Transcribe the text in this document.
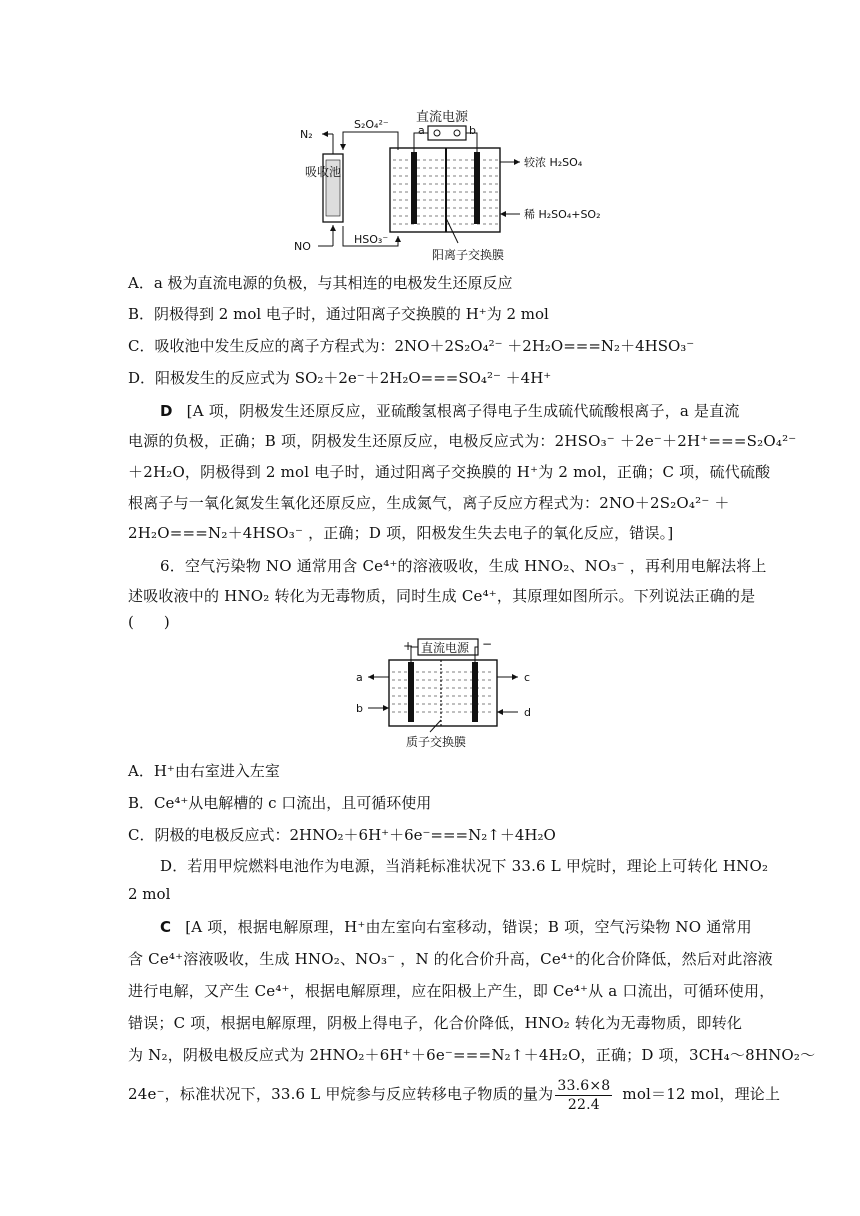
直流电源
a	b
较浓 H₂SO₄
稀 H₂SO₄+SO₂
阳离子交换膜
吸收池
N₂
NO
S₂O₄²⁻
HSO₃⁻
A．a 极为直流电源的负极，与其相连的电极发生还原反应
B．阴极得到 2 mol 电子时，通过阳离子交换膜的 H⁺为 2 mol
C．吸收池中发生反应的离子方程式为：2NO＋2S₂O₄²⁻ ＋2H₂O===N₂＋4HSO₃⁻
D．阳极发生的反应式为 SO₂＋2e⁻＋2H₂O===SO₄²⁻ ＋4H⁺
D [A 项，阴极发生还原反应，亚硫酸氢根离子得电子生成硫代硫酸根离子，a 是直流
电源的负极，正确；B 项，阴极发生还原反应，电极反应式为：2HSO₃⁻ ＋2e⁻＋2H⁺===S₂O₄²⁻
＋2H₂O，阴极得到 2 mol 电子时，通过阳离子交换膜的 H⁺为 2 mol，正确；C 项，硫代硫酸
根离子与一氧化氮发生氧化还原反应，生成氮气，离子反应方程式为：2NO＋2S₂O₄²⁻ ＋
2H₂O===N₂＋4HSO₃⁻ ，正确；D 项，阳极发生失去电子的氧化反应，错误。]
6．空气污染物 NO 通常用含 Ce⁴⁺的溶液吸收，生成 HNO₂、NO₃⁻ ，再利用电解法将上
述吸收液中的 HNO₂ 转化为无毒物质，同时生成 Ce⁴⁺，其原理如图所示。下列说法正确的是
(　　)
直流电源
+	−
a
b
c
d
质子交换膜
A．H⁺由右室进入左室
B．Ce⁴⁺从电解槽的 c 口流出，且可循环使用
C．阴极的电极反应式：2HNO₂＋6H⁺＋6e⁻===N₂↑＋4H₂O
D．若用甲烷燃料电池作为电源，当消耗标准状况下 33.6 L 甲烷时，理论上可转化 HNO₂
2 mol
C [A 项，根据电解原理，H⁺由左室向右室移动，错误；B 项，空气污染物 NO 通常用
含 Ce⁴⁺溶液吸收，生成 HNO₂、NO₃⁻ ，N 的化合价升高，Ce⁴⁺的化合价降低，然后对此溶液
进行电解，又产生 Ce⁴⁺，根据电解原理，应在阳极上产生，即 Ce⁴⁺从 a 口流出，可循环使用，
错误；C 项，根据电解原理，阴极上得电子，化合价降低，HNO₂ 转化为无毒物质，即转化
为 N₂，阴极电极反应式为 2HNO₂＋6H⁺＋6e⁻===N₂↑＋4H₂O，正确；D 项，3CH₄～8HNO₂～
24e⁻，标准状况下，33.6 L 甲烷参与反应转移电子物质的量为 $\frac{33.6\times 8}{22.4} mol=12$ mol，理论上
